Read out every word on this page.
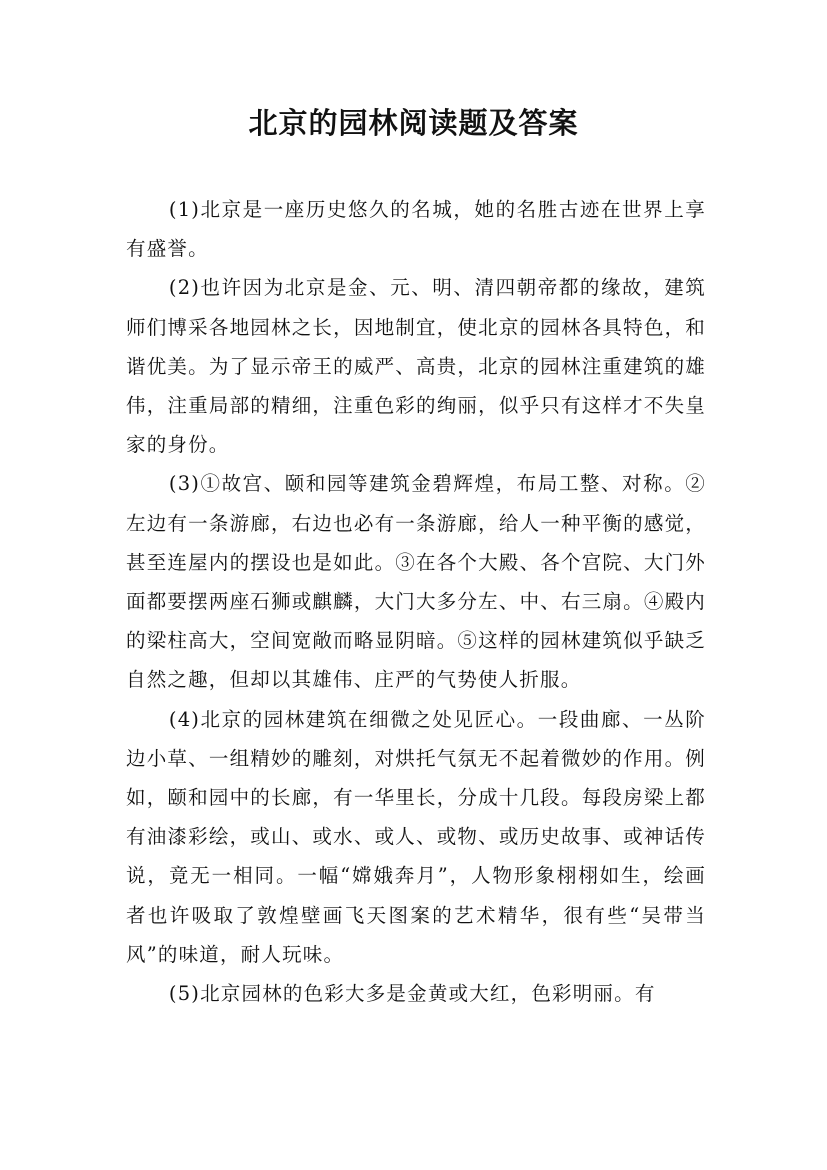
北京的园林阅读题及答案

(1)北京是一座历史悠久的名城，她的名胜古迹在世界上享有盛誉。

(2)也许因为北京是金、元、明、清四朝帝都的缘故，建筑师们博采各地园林之长，因地制宜，使北京的园林各具特色，和谐优美。为了显示帝王的威严、高贵，北京的园林注重建筑的雄伟，注重局部的精细，注重色彩的绚丽，似乎只有这样才不失皇家的身份。

(3)①故宫、颐和园等建筑金碧辉煌，布局工整、对称。②左边有一条游廊，右边也必有一条游廊，给人一种平衡的感觉，甚至连屋内的摆设也是如此。③在各个大殿、各个宫院、大门外面都要摆两座石狮或麒麟，大门大多分左、中、右三扇。④殿内的梁柱高大，空间宽敞而略显阴暗。⑤这样的园林建筑似乎缺乏自然之趣，但却以其雄伟、庄严的气势使人折服。

(4)北京的园林建筑在细微之处见匠心。一段曲廊、一丛阶边小草、一组精妙的雕刻，对烘托气氛无不起着微妙的作用。例如，颐和园中的长廊，有一华里长，分成十几段。每段房梁上都有油漆彩绘，或山、或水、或人、或物、或历史故事、或神话传说，竟无一相同。一幅“嫦娥奔月”，人物形象栩栩如生，绘画者也许吸取了敦煌壁画飞天图案的艺术精华，很有些“吴带当风”的味道，耐人玩味。

(5)北京园林的色彩大多是金黄或大红，色彩明丽。有
